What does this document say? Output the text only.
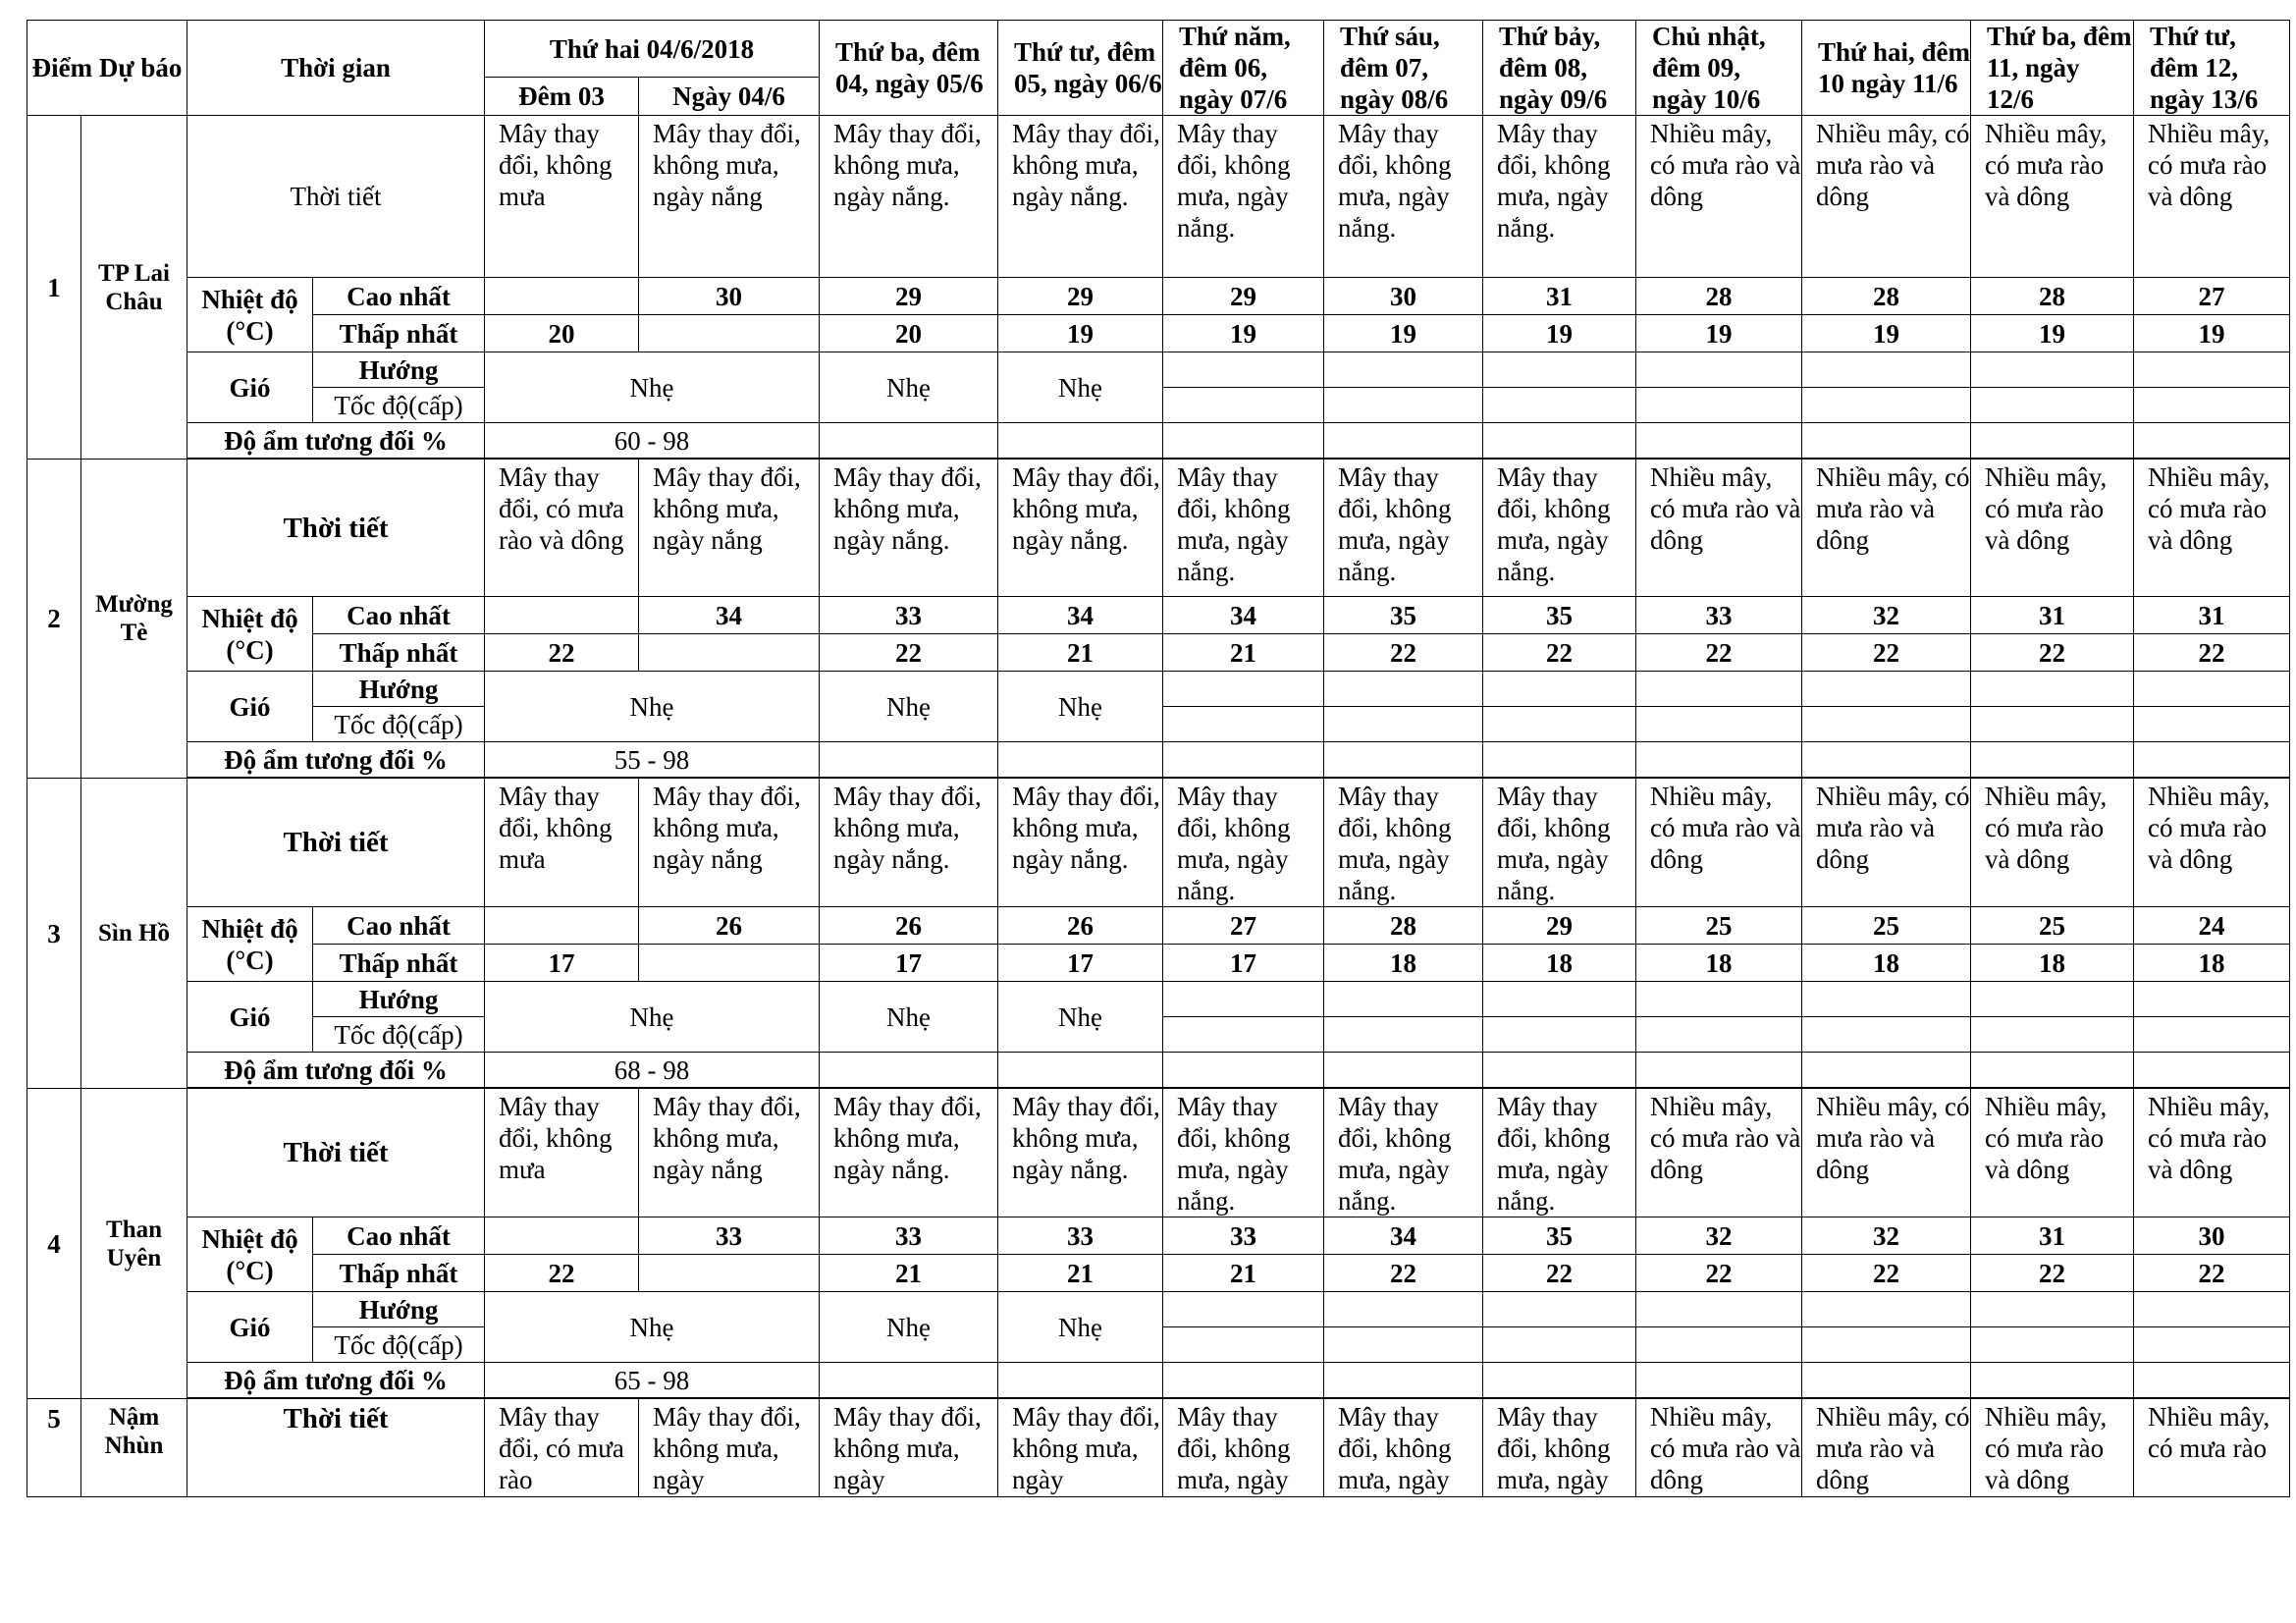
Điểm Dự báo		Thời gian		Thứ hai 04/6/2018		Thứ ba, đêm 04, ngày 05/6	Thứ tư, đêm 05, ngày 06/6	Thứ năm, đêm 06, ngày 07/6	Thứ sáu, đêm 07, ngày 08/6	Thứ bảy, đêm 08, ngày 09/6	Chủ nhật, đêm 09, ngày 10/6	Thứ hai, đêm 10 ngày 11/6	Thứ ba, đêm 11, ngày 12/6	Thứ tư, đêm 12, ngày 13/6
				Đêm 03	Ngày 04/6									
1	TP Lai Châu	Thời tiết		Mây thay đổi, không mưa	Mây thay đổi, không mưa, ngày nắng	Mây thay đổi, không mưa, ngày nắng.	Mây thay đổi, không mưa, ngày nắng.	Mây thay đổi, không mưa, ngày nắng.	Mây thay đổi, không mưa, ngày nắng.	Mây thay đổi, không mưa, ngày nắng.	Nhiều mây, có mưa rào và dông	Nhiều mây, có mưa rào và dông	Nhiều mây, có mưa rào và dông	Nhiều mây, có mưa rào và dông
		Nhiệt độ (°C)	Cao nhất		30	29	29	29	30	31	28	28	28	27
			Thấp nhất	20		20	19	19	19	19	19	19	19	19
		Gió	Hướng	Nhẹ		Nhẹ	Nhẹ							
			Tốc độ(cấp)											
		Độ ẩm tương đối %		60 - 98										

2	Mường Tè	Thời tiết		Mây thay đổi, có mưa rào và dông	Mây thay đổi, không mưa, ngày nắng	Mây thay đổi, không mưa, ngày nắng.	Mây thay đổi, không mưa, ngày nắng.	Mây thay đổi, không mưa, ngày nắng.	Mây thay đổi, không mưa, ngày nắng.	Mây thay đổi, không mưa, ngày nắng.	Nhiều mây, có mưa rào và dông	Nhiều mây, có mưa rào và dông	Nhiều mây, có mưa rào và dông	Nhiều mây, có mưa rào và dông
		Nhiệt độ (°C)	Cao nhất		34	33	34	34	35	35	33	32	31	31
			Thấp nhất	22		22	21	21	22	22	22	22	22	22
		Gió	Hướng	Nhẹ		Nhẹ	Nhẹ							
			Tốc độ(cấp)											
		Độ ẩm tương đối %		55 - 98										

3	Sìn Hồ	Thời tiết		Mây thay đổi, không mưa	Mây thay đổi, không mưa, ngày nắng	Mây thay đổi, không mưa, ngày nắng.	Mây thay đổi, không mưa, ngày nắng.	Mây thay đổi, không mưa, ngày nắng.	Mây thay đổi, không mưa, ngày nắng.	Mây thay đổi, không mưa, ngày nắng.	Nhiều mây, có mưa rào và dông	Nhiều mây, có mưa rào và dông	Nhiều mây, có mưa rào và dông	Nhiều mây, có mưa rào và dông
		Nhiệt độ (°C)	Cao nhất		26	26	26	27	28	29	25	25	25	24
			Thấp nhất	17		17	17	17	18	18	18	18	18	18
		Gió	Hướng	Nhẹ		Nhẹ	Nhẹ							
			Tốc độ(cấp)											
		Độ ẩm tương đối %		68 - 98										

4	Than Uyên	Thời tiết		Mây thay đổi, không mưa	Mây thay đổi, không mưa, ngày nắng	Mây thay đổi, không mưa, ngày nắng.	Mây thay đổi, không mưa, ngày nắng.	Mây thay đổi, không mưa, ngày nắng.	Mây thay đổi, không mưa, ngày nắng.	Mây thay đổi, không mưa, ngày nắng.	Nhiều mây, có mưa rào và dông	Nhiều mây, có mưa rào và dông	Nhiều mây, có mưa rào và dông	Nhiều mây, có mưa rào và dông
		Nhiệt độ (°C)	Cao nhất		33	33	33	33	34	35	32	32	31	30
			Thấp nhất	22		21	21	21	22	22	22	22	22	22
		Gió	Hướng	Nhẹ		Nhẹ	Nhẹ							
			Tốc độ(cấp)											
		Độ ẩm tương đối %		65 - 98										

5	Nậm Nhùn	Thời tiết		Mây thay đổi, có mưa rào	Mây thay đổi, không mưa, ngày	Mây thay đổi, không mưa, ngày	Mây thay đổi, không mưa, ngày	Mây thay đổi, không mưa, ngày	Mây thay đổi, không mưa, ngày	Mây thay đổi, không mưa, ngày	Nhiều mây, có mưa rào và dông	Nhiều mây, có mưa rào và dông	Nhiều mây, có mưa rào và dông	Nhiều mây, có mưa rào
